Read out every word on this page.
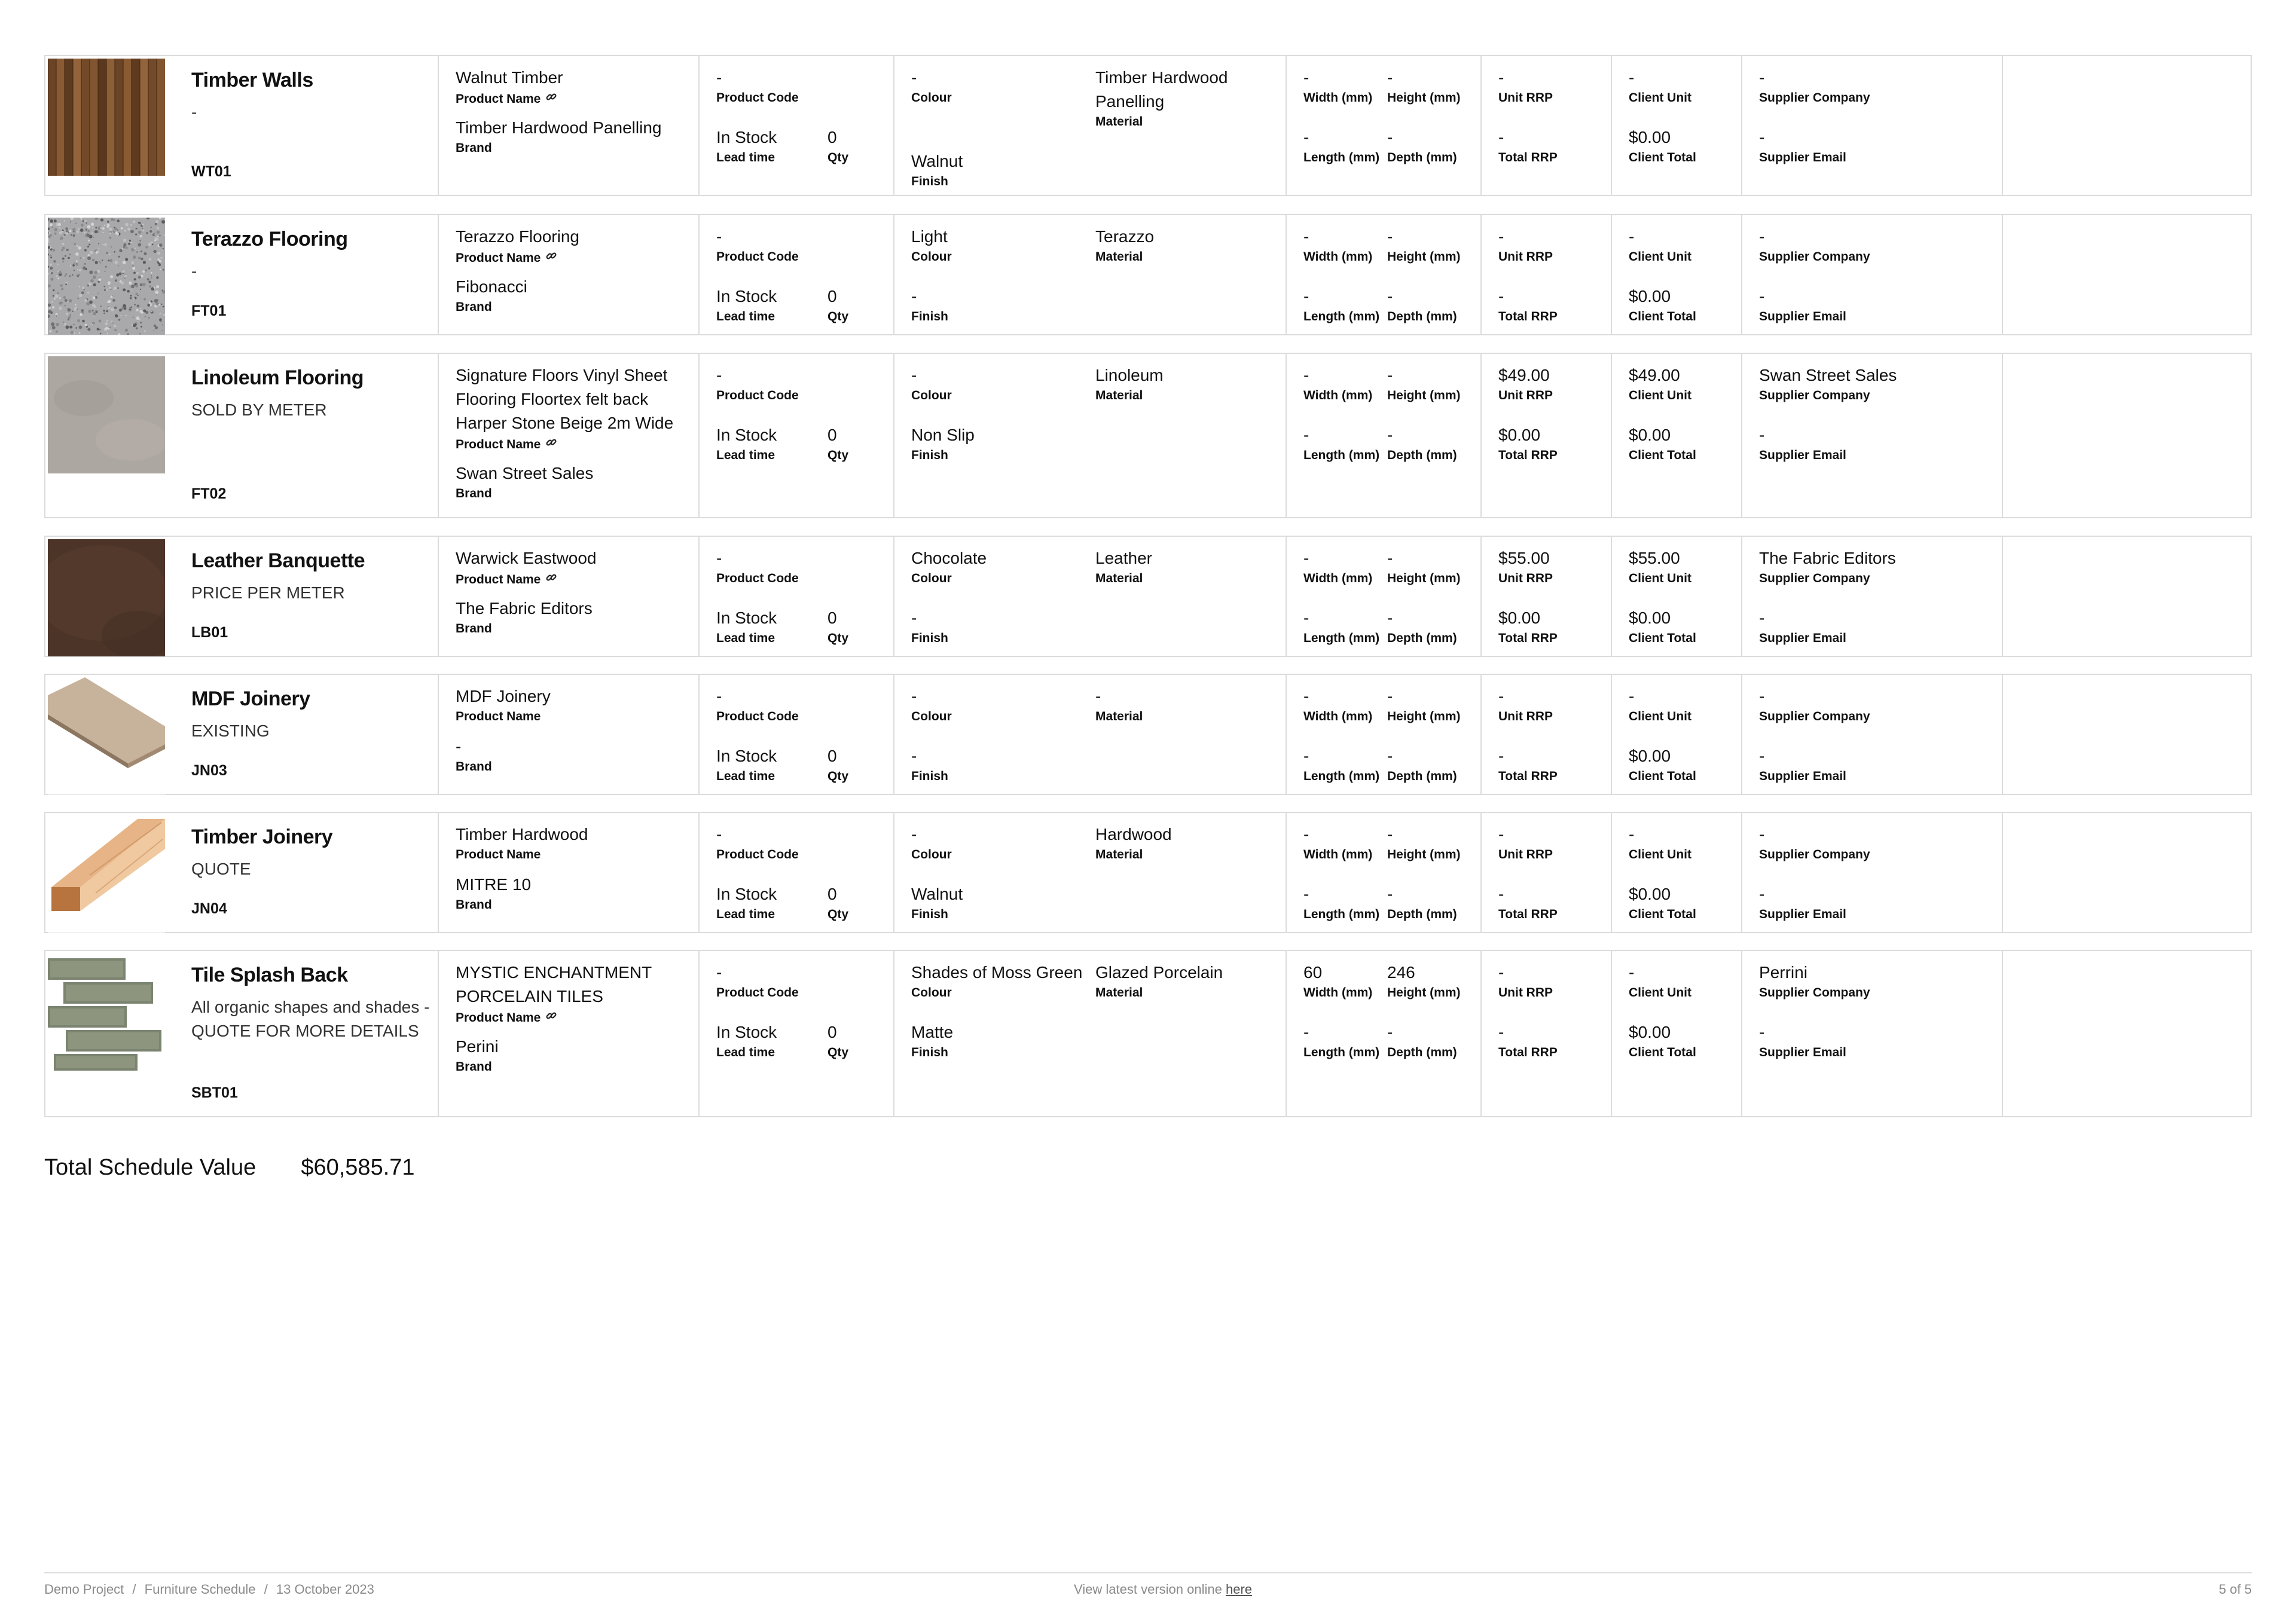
Timber Walls
-
WT01
Walnut Timber
Product Name
Timber Hardwood Panelling
Brand
-
Product Code
In Stock
Lead time
0
Qty
-
Colour
Walnut
Finish
Timber Hardwood Panelling
Material
-
Width (mm)
-
Height (mm)
-
Length (mm)
-
Depth (mm)
-
Unit RRP
-
Total RRP
-
Client Unit
$0.00
Client Total
-
Supplier Company
-
Supplier Email
Terazzo Flooring
-
FT01
Terazzo Flooring
Product Name
Fibonacci
Brand
-
Product Code
In Stock
Lead time
0
Qty
Light
Colour
-
Finish
Terazzo
Material
-
Width (mm)
-
Height (mm)
-
Length (mm)
-
Depth (mm)
-
Unit RRP
-
Total RRP
-
Client Unit
$0.00
Client Total
-
Supplier Company
-
Supplier Email
Linoleum Flooring
SOLD BY METER
FT02
Signature Floors Vinyl Sheet Flooring Floortex felt back Harper Stone Beige 2m Wide
Product Name
Swan Street Sales
Brand
-
Product Code
In Stock
Lead time
0
Qty
-
Colour
Non Slip
Finish
Linoleum
Material
-
Width (mm)
-
Height (mm)
-
Length (mm)
-
Depth (mm)
$49.00
Unit RRP
$0.00
Total RRP
$49.00
Client Unit
$0.00
Client Total
Swan Street Sales
Supplier Company
-
Supplier Email
Leather Banquette
PRICE PER METER
LB01
Warwick Eastwood
Product Name
The Fabric Editors
Brand
-
Product Code
In Stock
Lead time
0
Qty
Chocolate
Colour
-
Finish
Leather
Material
-
Width (mm)
-
Height (mm)
-
Length (mm)
-
Depth (mm)
$55.00
Unit RRP
$0.00
Total RRP
$55.00
Client Unit
$0.00
Client Total
The Fabric Editors
Supplier Company
-
Supplier Email
MDF Joinery
EXISTING
JN03
MDF Joinery
Product Name
-
Brand
-
Product Code
In Stock
Lead time
0
Qty
-
Colour
-
Finish
-
Material
-
Width (mm)
-
Height (mm)
-
Length (mm)
-
Depth (mm)
-
Unit RRP
-
Total RRP
-
Client Unit
$0.00
Client Total
-
Supplier Company
-
Supplier Email
Timber Joinery
QUOTE
JN04
Timber Hardwood
Product Name
MITRE 10
Brand
-
Product Code
In Stock
Lead time
0
Qty
-
Colour
Walnut
Finish
Hardwood
Material
-
Width (mm)
-
Height (mm)
-
Length (mm)
-
Depth (mm)
-
Unit RRP
-
Total RRP
-
Client Unit
$0.00
Client Total
-
Supplier Company
-
Supplier Email
Tile Splash Back
All organic shapes and shades - QUOTE FOR MORE DETAILS
SBT01
MYSTIC ENCHANTMENT PORCELAIN TILES
Product Name
Perini
Brand
-
Product Code
In Stock
Lead time
0
Qty
Shades of Moss Green
Colour
Matte
Finish
Glazed Porcelain
Material
60
Width (mm)
246
Height (mm)
-
Length (mm)
-
Depth (mm)
-
Unit RRP
-
Total RRP
-
Client Unit
$0.00
Client Total
Perrini
Supplier Company
-
Supplier Email
Total Schedule Value $60,585.71
Demo Project / Furniture Schedule / 13 October 2023	View latest version online here	5 of 5
